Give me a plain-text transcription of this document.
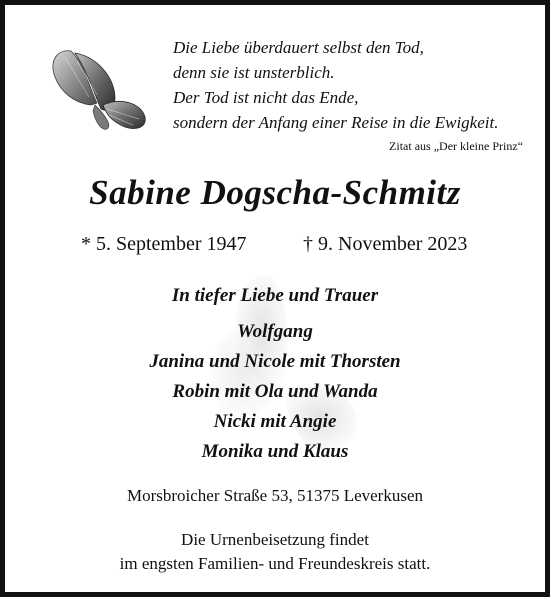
Die Liebe überdauert selbst den Tod,
denn sie ist unsterblich.
Der Tod ist nicht das Ende,
sondern der Anfang einer Reise in die Ewigkeit.
Zitat aus „Der kleine Prinz“
Sabine Dogscha-Schmitz
* 5. September 1947	† 9. November 2023
In tiefer Liebe und Trauer
Wolfgang
Janina und Nicole mit Thorsten
Robin mit Ola und Wanda
Nicki mit Angie
Monika und Klaus
Morsbroicher Straße 53, 51375 Leverkusen
Die Urnenbeisetzung findet
im engsten Familien- und Freundeskreis statt.
